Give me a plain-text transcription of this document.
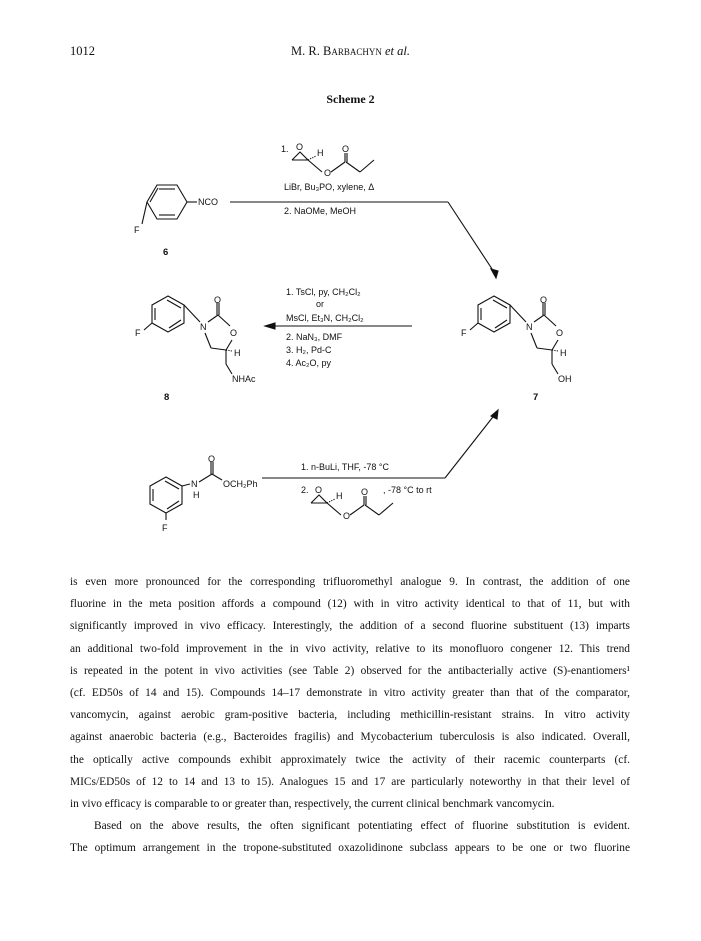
1012	M. R. Barbachyn et al.
Scheme 2
NCO
F
6
1. O
H
O
O
LiBr, Bu₃PO, xylene, Δ
2. NaOMe, MeOH
1. TsCl, py, CH₂Cl₂
or
MsCl, Et₃N, CH₂Cl₂
2. NaN₃, DMF
3. H₂, Pd-C
4. Ac₂O, py
F
N
O
O
H
NHAc
8
F
N
O
O
H
OH
7
F
N
H
O
OCH₂Ph
1. n-BuLi, THF, -78 °C
2. O
H
O
O , -78 °C to rt

is even more pronounced for the corresponding trifluoromethyl analogue 9. In contrast, the addition of one
fluorine in the meta position affords a compound (12) with in vitro activity identical to that of 11, but with
significantly improved in vivo efficacy. Interestingly, the addition of a second fluorine substituent (13) imparts
an additional two-fold improvement in the in vivo activity, relative to its monofluoro congener 12. This trend
is repeated in the potent in vivo activities (see Table 2) observed for the antibacterially active (S)-enantiomers¹
(cf. ED50s of 14 and 15). Compounds 14–17 demonstrate in vitro activity greater than that of the comparator,
vancomycin, against aerobic gram-positive bacteria, including methicillin-resistant strains. In vitro activity
against anaerobic bacteria (e.g., Bacteroides fragilis) and Mycobacterium tuberculosis is also indicated. Overall,
the optically active compounds exhibit approximately twice the activity of their racemic counterparts (cf.
MICs/ED50s of 12 to 14 and 13 to 15). Analogues 15 and 17 are particularly noteworthy in that their level of
in vivo efficacy is comparable to or greater than, respectively, the current clinical benchmark vancomycin.

Based on the above results, the often significant potentiating effect of fluorine substitution is evident.
The optimum arrangement in the tropone-substituted oxazolidinone subclass appears to be one or two fluorine
